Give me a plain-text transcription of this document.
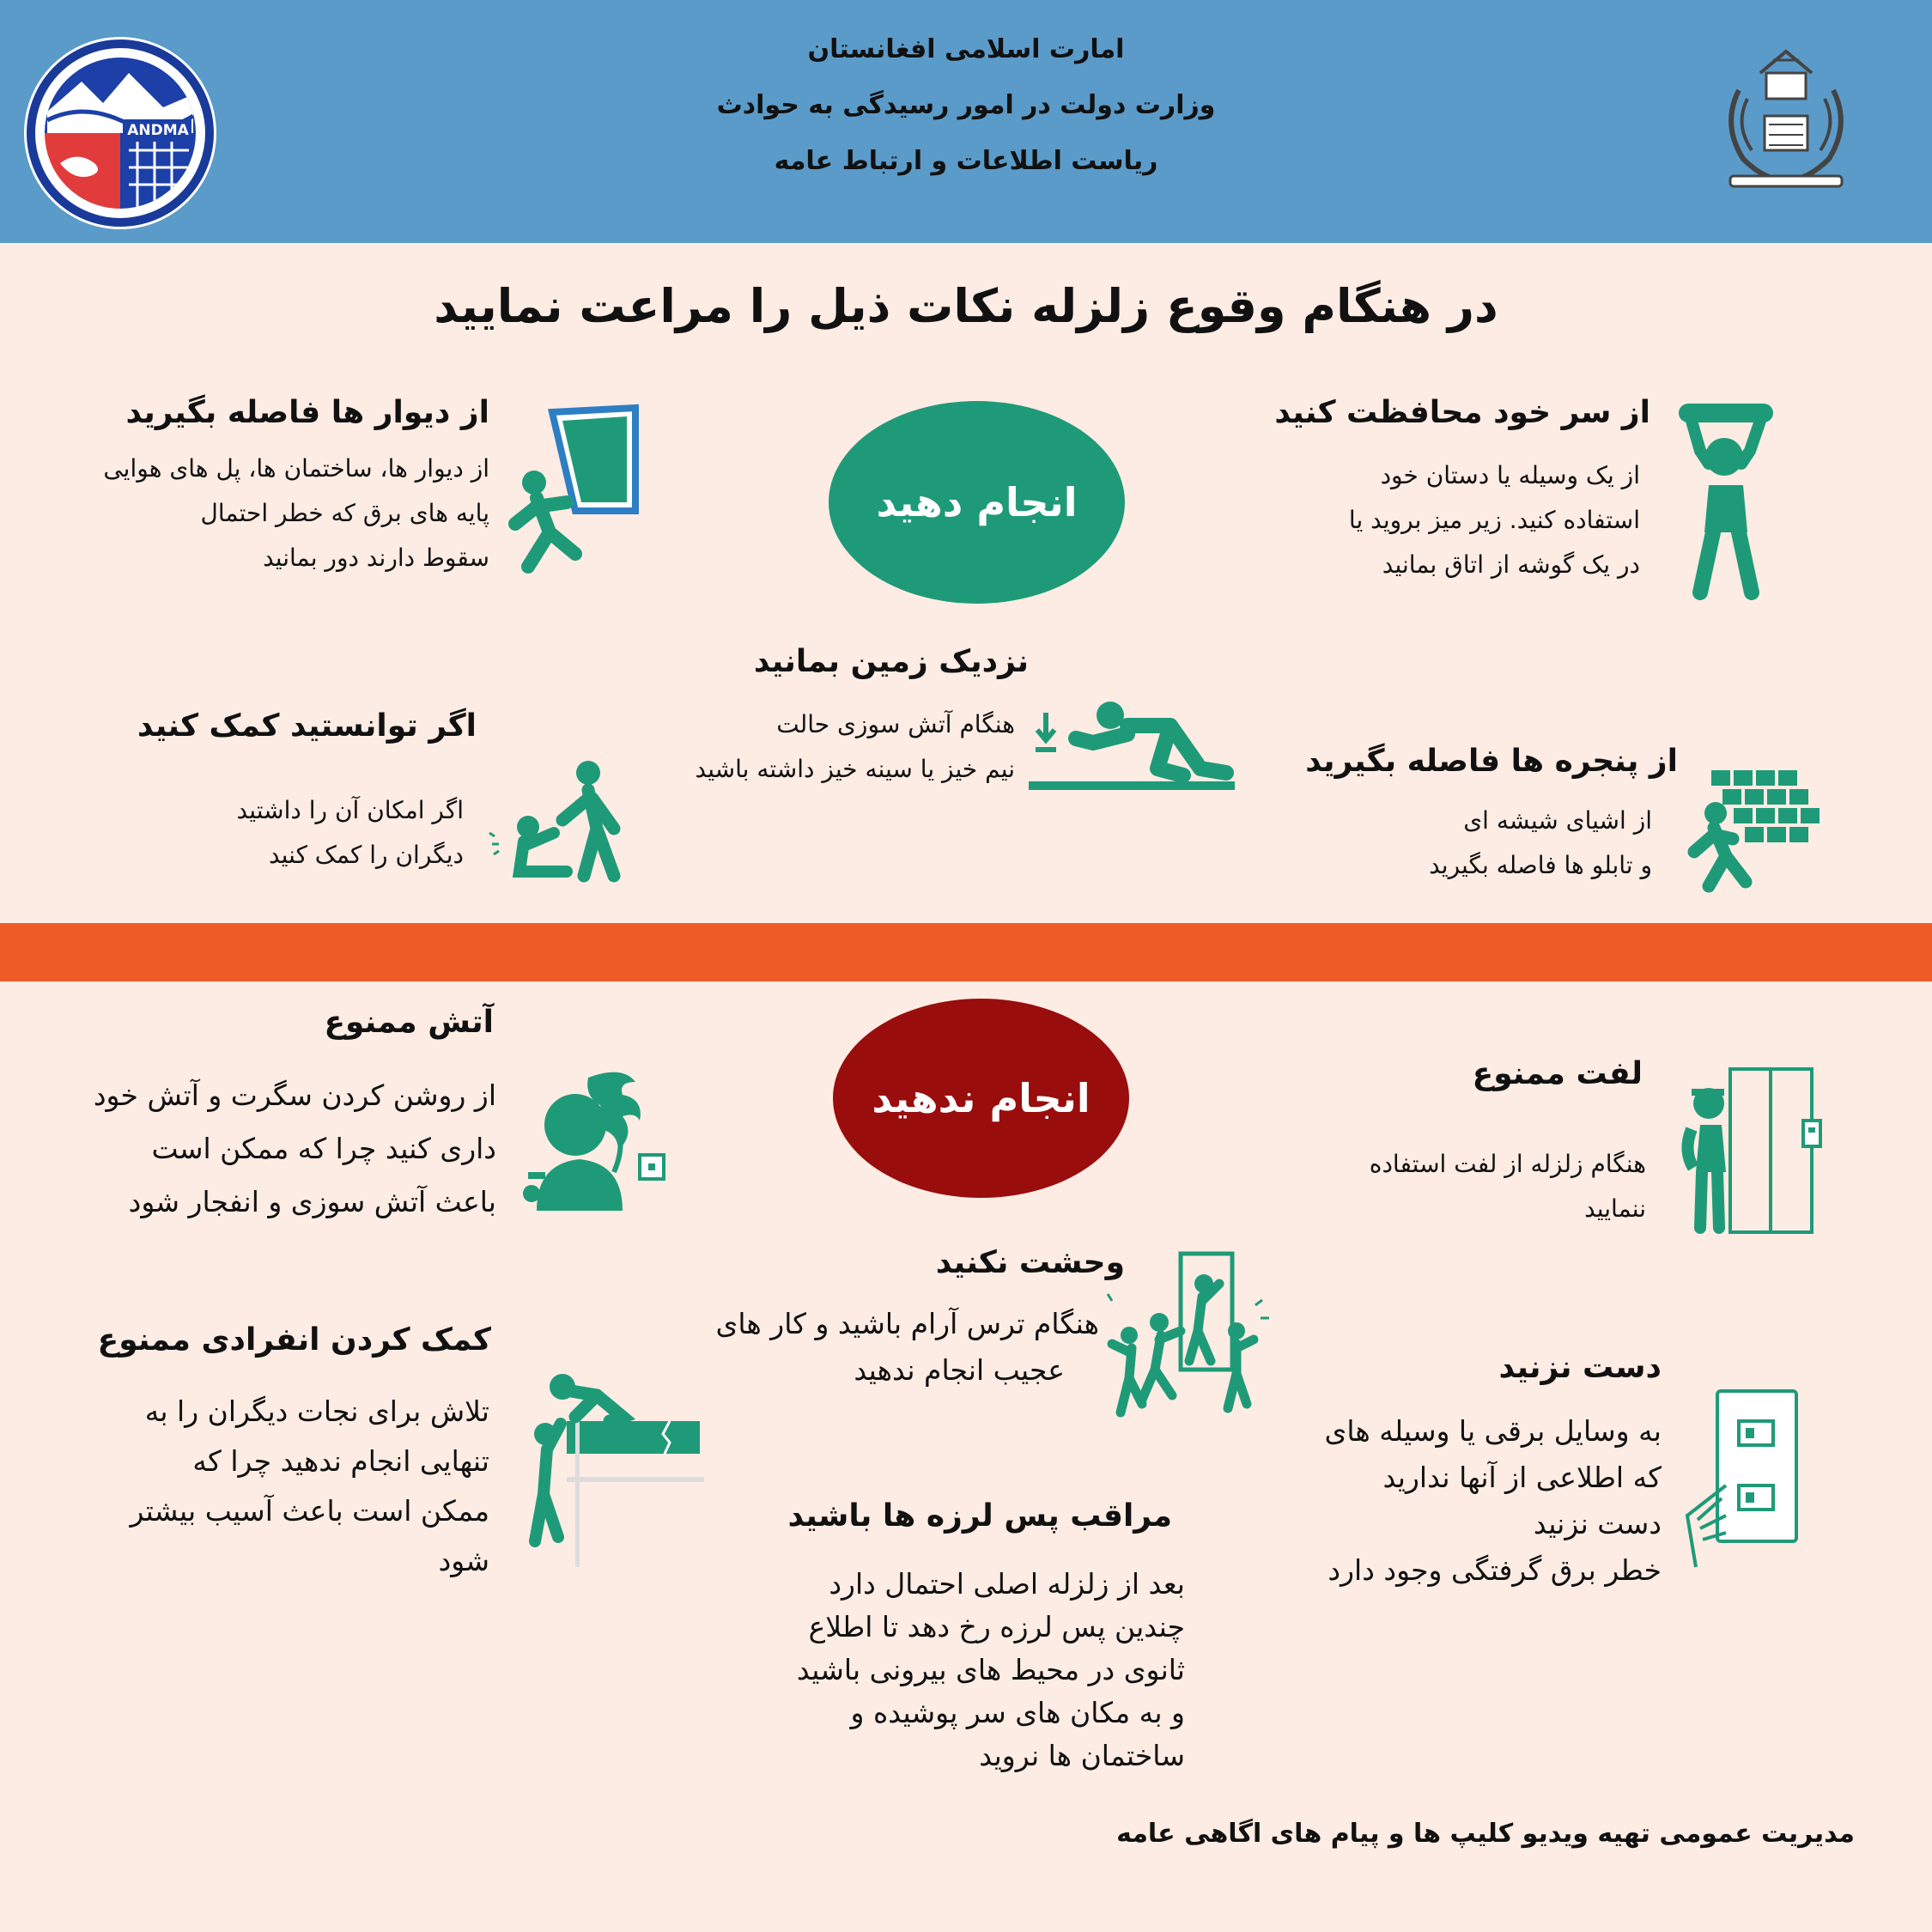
امارت اسلامی افغانستان
وزارت دولت در امور رسیدگی به حوادث
ریاست اطلاعات و ارتباط عامه
ANDMA
در هنگام وقوع زلزله نکات ذیل را مراعت نمایید
انجام دهید
از سر خود محافظت کنید
از یک وسیله یا دستان خود
استفاده کنید. زیر میز بروید یا
در یک گوشه از اتاق بمانید
از دیوار ها فاصله بگیرید
از دیوار ها، ساختمان ها، پل های هوایی
پایه های برق که خطر احتمال
سقوط دارند دور بمانید
نزدیک زمین بمانید
هنگام آتش سوزی حالت
نیم خیز یا سینه خیز داشته باشید	از پنجره ها فاصله بگیرید
از اشیای شیشه ای
و تابلو ها فاصله بگیرید
اگر توانستید کمک کنید
اگر امکان آن را داشتید
دیگران را کمک کنید
انجام ندهید
آتش ممنوع
از روشن کردن سگرت و آتش خود
داری کنید چرا که ممکن است
باعث آتش سوزی و انفجار شود
لفت ممنوع
هنگام زلزله از لفت استفاده
ننمایید
وحشت نکنید
هنگام ترس آرام باشید و کار های
عجیب انجام ندهید
کمک کردن انفرادی ممنوع
تلاش برای نجات دیگران را به
تنهایی انجام ندهید چرا که
ممکن است باعث آسیب بیشتر
شود
دست نزنید
به وسایل برقی یا وسیله های
که اطلاعی از آنها ندارید
دست نزنید
خطر برق گرفتگی وجود دارد
مراقب پس لرزه ها باشید
بعد از زلزله اصلی احتمال دارد
چندین پس لرزه رخ دهد تا اطلاع
ثانوی در محیط های بیرونی باشید
و به مکان های سر پوشیده و
ساختمان ها نروید
مدیریت عمومی تهیه ویدیو کلیپ ها و پیام های اگاهی عامه
